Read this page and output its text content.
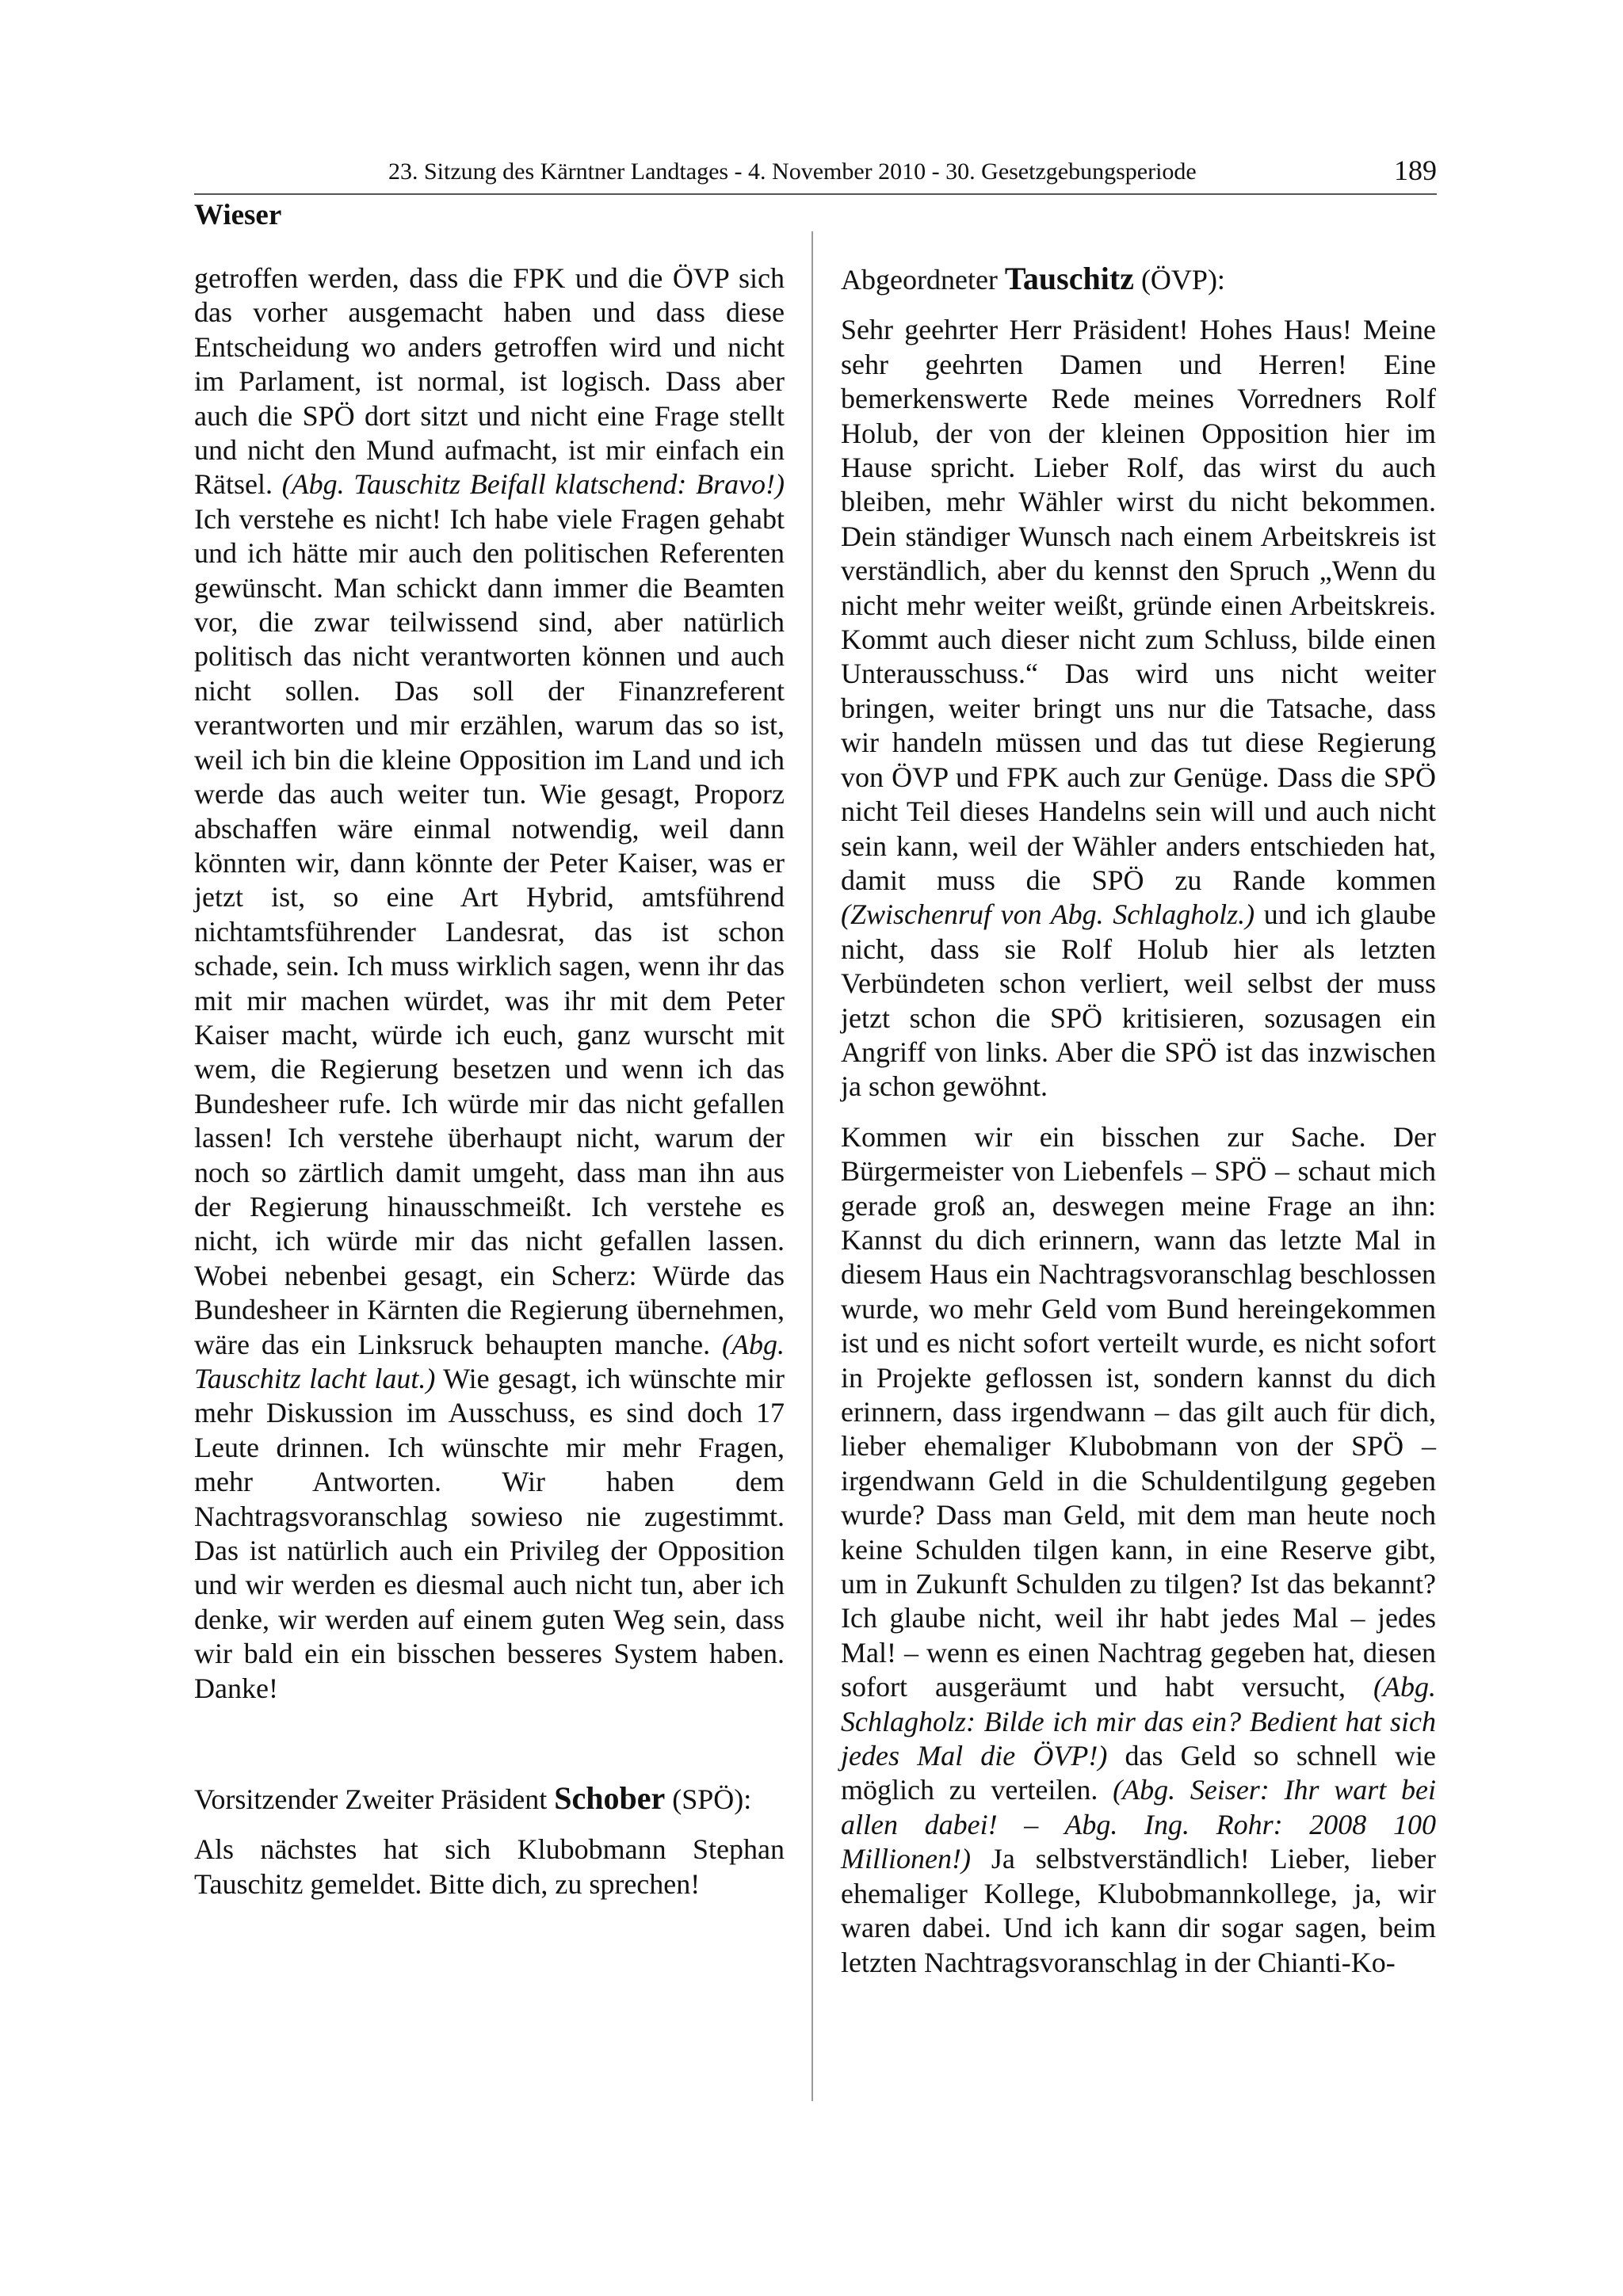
23. Sitzung des Kärntner Landtages - 4. November 2010 - 30. Gesetzgebungsperiode	189
Wieser

getroffen werden, dass die FPK und die ÖVP sich das vorher ausgemacht haben und dass diese Entscheidung wo anders getroffen wird und nicht im Parlament, ist normal, ist logisch. Dass aber auch die SPÖ dort sitzt und nicht eine Frage stellt und nicht den Mund aufmacht, ist mir einfach ein Rätsel. (Abg. Tauschitz Beifall klatschend: Bravo!) Ich verstehe es nicht! Ich habe viele Fragen gehabt und ich hätte mir auch den politischen Referenten gewünscht. Man schickt dann immer die Beamten vor, die zwar teilwissend sind, aber natürlich politisch das nicht verantworten können und auch nicht sollen. Das soll der Finanzreferent verantworten und mir erzählen, warum das so ist, weil ich bin die kleine Opposition im Land und ich werde das auch weiter tun. Wie gesagt, Proporz abschaffen wäre einmal notwendig, weil dann könnten wir, dann könnte der Peter Kaiser, was er jetzt ist, so eine Art Hybrid, amtsführend nichtamtsführender Landesrat, das ist schon schade, sein. Ich muss wirklich sagen, wenn ihr das mit mir machen würdet, was ihr mit dem Peter Kaiser macht, würde ich euch, ganz wurscht mit wem, die Regierung besetzen und wenn ich das Bundesheer rufe. Ich würde mir das nicht gefallen lassen! Ich verstehe überhaupt nicht, warum der noch so zärtlich damit umgeht, dass man ihn aus der Regierung hinausschmeißt. Ich verstehe es nicht, ich würde mir das nicht gefallen lassen. Wobei nebenbei gesagt, ein Scherz: Würde das Bundesheer in Kärnten die Regierung übernehmen, wäre das ein Linksruck behaupten manche. (Abg. Tauschitz lacht laut.) Wie gesagt, ich wünschte mir mehr Diskussion im Ausschuss, es sind doch 17 Leute drinnen. Ich wünschte mir mehr Fragen, mehr Antworten. Wir haben dem Nachtragsvoranschlag sowieso nie zugestimmt. Das ist natürlich auch ein Privileg der Opposition und wir werden es diesmal auch nicht tun, aber ich denke, wir werden auf einem guten Weg sein, dass wir bald ein ein bisschen besseres System haben. Danke!

Vorsitzender Zweiter Präsident Schober (SPÖ):

Als nächstes hat sich Klubobmann Stephan Tauschitz gemeldet. Bitte dich, zu sprechen!

Abgeordneter Tauschitz (ÖVP):

Sehr geehrter Herr Präsident! Hohes Haus! Meine sehr geehrten Damen und Herren! Eine bemerkenswerte Rede meines Vorredners Rolf Holub, der von der kleinen Opposition hier im Hause spricht. Lieber Rolf, das wirst du auch bleiben, mehr Wähler wirst du nicht bekommen. Dein ständiger Wunsch nach einem Arbeitskreis ist verständlich, aber du kennst den Spruch „Wenn du nicht mehr weiter weißt, gründe einen Arbeitskreis. Kommt auch dieser nicht zum Schluss, bilde einen Unterausschuss.“ Das wird uns nicht weiter bringen, weiter bringt uns nur die Tatsache, dass wir handeln müssen und das tut diese Regierung von ÖVP und FPK auch zur Genüge. Dass die SPÖ nicht Teil dieses Handelns sein will und auch nicht sein kann, weil der Wähler anders entschieden hat, damit muss die SPÖ zu Rande kommen (Zwischenruf von Abg. Schlagholz.) und ich glaube nicht, dass sie Rolf Holub hier als letzten Verbündeten schon verliert, weil selbst der muss jetzt schon die SPÖ kritisieren, sozusagen ein Angriff von links. Aber die SPÖ ist das inzwischen ja schon gewöhnt.

Kommen wir ein bisschen zur Sache. Der Bürgermeister von Liebenfels – SPÖ – schaut mich gerade groß an, deswegen meine Frage an ihn: Kannst du dich erinnern, wann das letzte Mal in diesem Haus ein Nachtragsvoranschlag beschlossen wurde, wo mehr Geld vom Bund hereingekommen ist und es nicht sofort verteilt wurde, es nicht sofort in Projekte geflossen ist, sondern kannst du dich erinnern, dass irgendwann – das gilt auch für dich, lieber ehemaliger Klubobmann von der SPÖ – irgendwann Geld in die Schuldentilgung gegeben wurde? Dass man Geld, mit dem man heute noch keine Schulden tilgen kann, in eine Reserve gibt, um in Zukunft Schulden zu tilgen? Ist das bekannt? Ich glaube nicht, weil ihr habt jedes Mal – jedes Mal! – wenn es einen Nachtrag gegeben hat, diesen sofort ausgeräumt und habt versucht, (Abg. Schlagholz: Bilde ich mir das ein? Bedient hat sich jedes Mal die ÖVP!) das Geld so schnell wie möglich zu verteilen. (Abg. Seiser: Ihr wart bei allen dabei! – Abg. Ing. Rohr: 2008 100 Millionen!) Ja selbstverständlich! Lieber, lieber ehemaliger Kollege, Klubobmannkollege, ja, wir waren dabei. Und ich kann dir sogar sagen, beim letzten Nachtragsvoranschlag in der Chianti-Ko-
